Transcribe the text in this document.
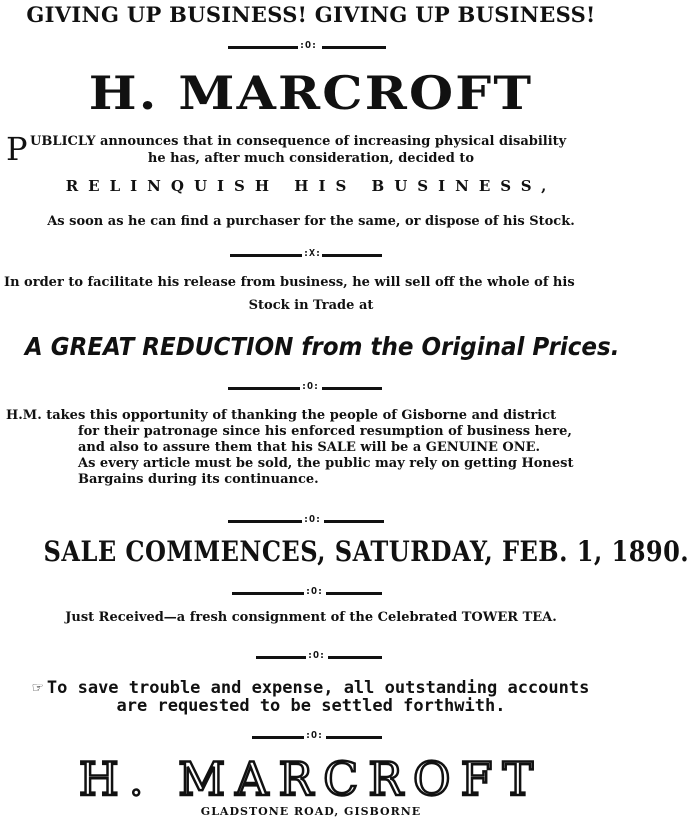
GIVING UP BUSINESS! GIVING UP BUSINESS!
:O:
H. MARCROFT
P UBLICLY announces that in consequence of increasing physical disability
he has, after much consideration, decided to
RELINQUISH HIS BUSINESS,
As soon as he can find a purchaser for the same, or dispose of his Stock.
:X:
In order to facilitate his release from business, he will sell off the whole of his
Stock in Trade at
A GREAT REDUCTION from the Original Prices.
:O:
H.M. takes this opportunity of thanking the people of Gisborne and district
for their patronage since his enforced resumption of business here,
and also to assure them that his SALE will be a GENUINE ONE.
As every article must be sold, the public may rely on getting Honest
Bargains during its continuance.
:O:
SALE COMMENCES, SATURDAY, FEB. 1, 1890.
:O:
Just Received—a fresh consignment of the Celebrated TOWER TEA.
:O:
☞ To save trouble and expense, all outstanding accounts
are requested to be settled forthwith.
:O:
H. MARCROFT
GLADSTONE ROAD, GISBORNE
